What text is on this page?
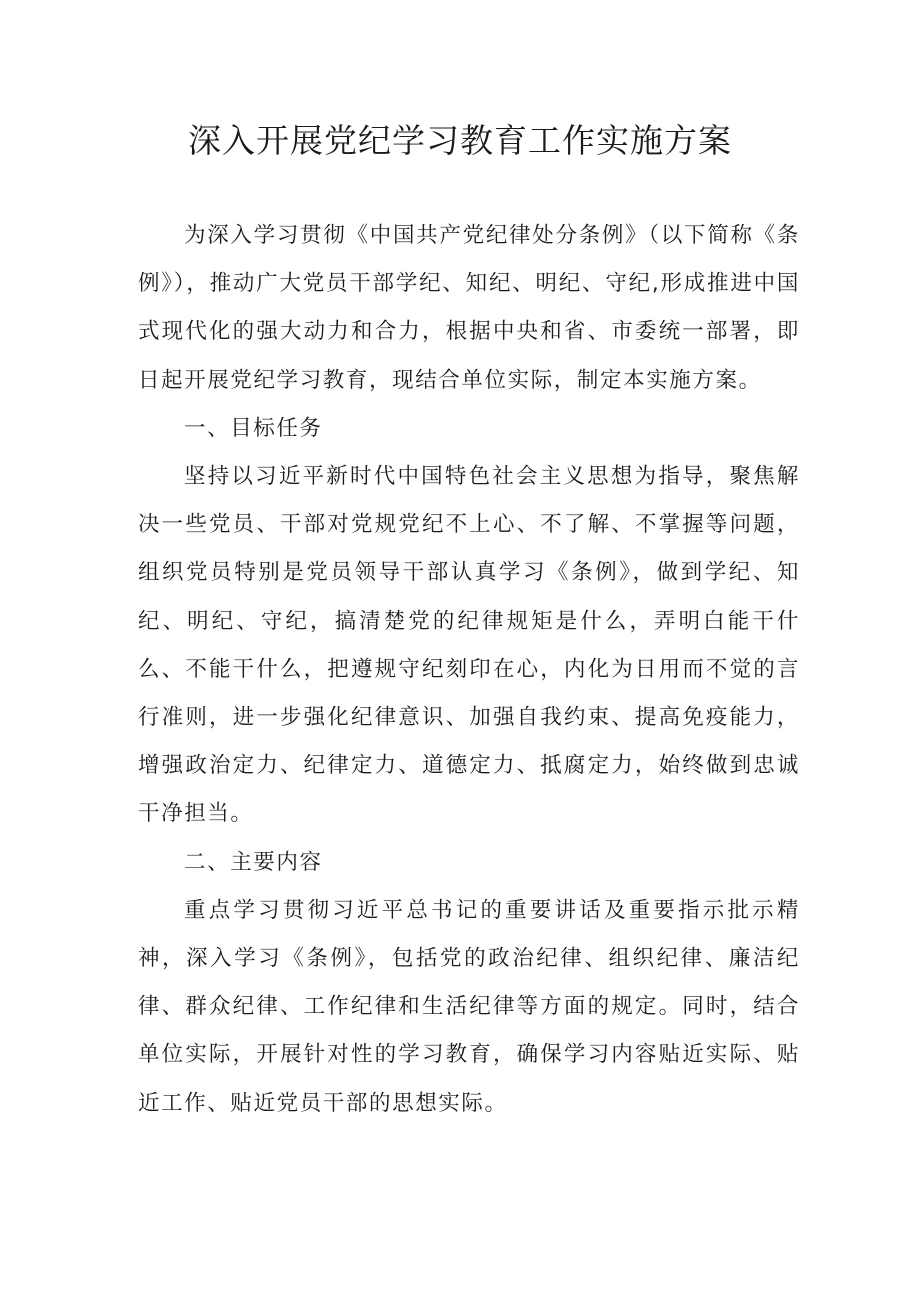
深入开展党纪学习教育工作实施方案

为深入学习贯彻《中国共产党纪律处分条例》（以下简称《条例》），推动广大党员干部学纪、知纪、明纪、守纪,形成推进中国式现代化的强大动力和合力，根据中央和省、市委统一部署，即日起开展党纪学习教育，现结合单位实际，制定本实施方案。

一、目标任务

坚持以习近平新时代中国特色社会主义思想为指导，聚焦解决一些党员、干部对党规党纪不上心、不了解、不掌握等问题，组织党员特别是党员领导干部认真学习《条例》，做到学纪、知纪、明纪、守纪，搞清楚党的纪律规矩是什么，弄明白能干什么、不能干什么，把遵规守纪刻印在心，内化为日用而不觉的言行准则，进一步强化纪律意识、加强自我约束、提高免疫能力，增强政治定力、纪律定力、道德定力、抵腐定力，始终做到忠诚干净担当。

二、主要内容

重点学习贯彻习近平总书记的重要讲话及重要指示批示精神，深入学习《条例》，包括党的政治纪律、组织纪律、廉洁纪律、群众纪律、工作纪律和生活纪律等方面的规定。同时，结合单位实际，开展针对性的学习教育，确保学习内容贴近实际、贴近工作、贴近党员干部的思想实际。
